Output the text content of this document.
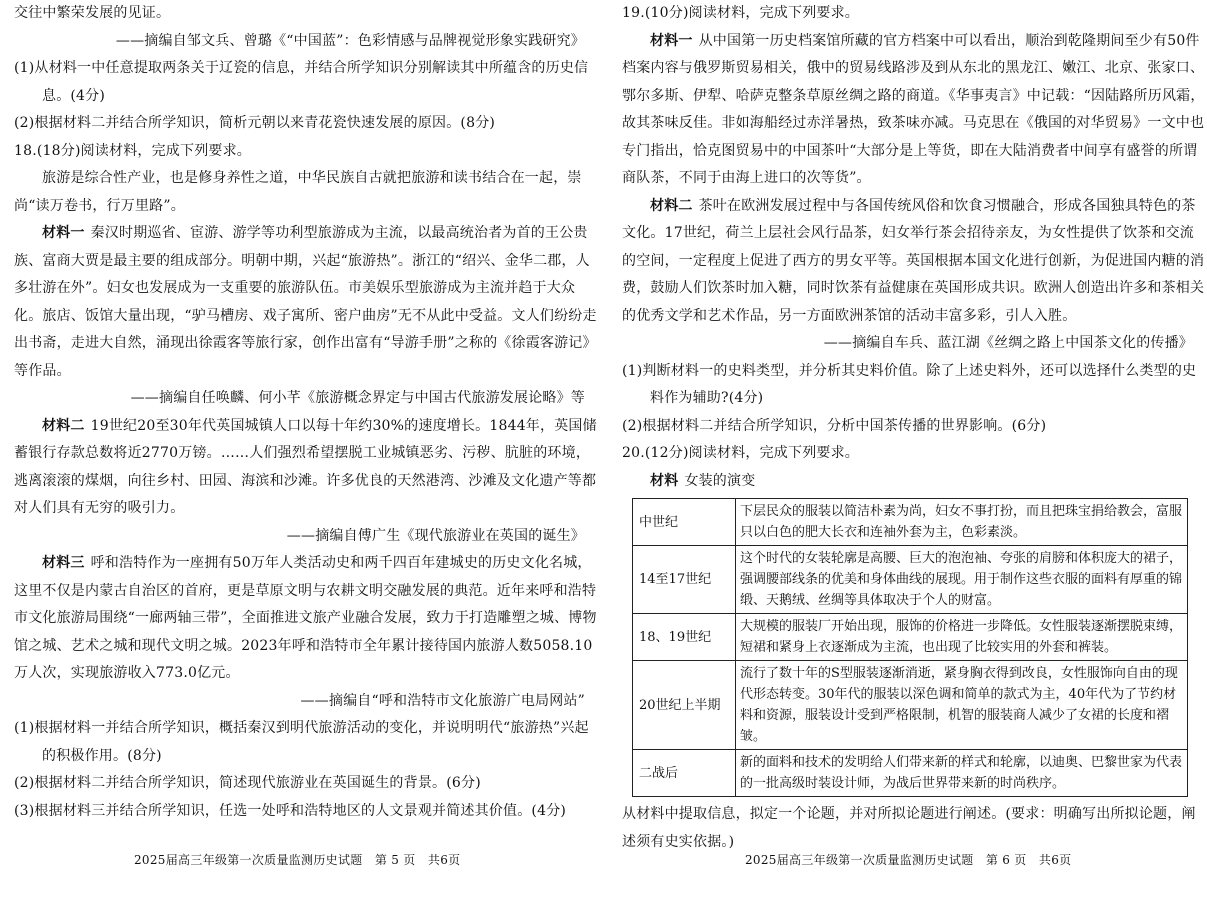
交往中繁荣发展的见证。

——摘编自邹文兵、曾璐《“中国蓝”：色彩情感与品牌视觉形象实践研究》

(1)从材料一中任意提取两条关于辽瓷的信息，并结合所学知识分别解读其中所蕴含的历史信息。(4分)

(2)根据材料二并结合所学知识，简析元朝以来青花瓷快速发展的原因。(8分)

18.(18分)阅读材料，完成下列要求。

旅游是综合性产业，也是修身养性之道，中华民族自古就把旅游和读书结合在一起，崇尚“读万卷书，行万里路”。

材料一 秦汉时期巡省、宦游、游学等功利型旅游成为主流，以最高统治者为首的王公贵族、富商大贾是最主要的组成部分。明朝中期，兴起“旅游热”。浙江的“绍兴、金华二郡，人多壮游在外”。妇女也发展成为一支重要的旅游队伍。市美娱乐型旅游成为主流并趋于大众化。旅店、饭馆大量出现，“驴马槽房、戏子寓所、密户曲房”无不从此中受益。文人们纷纷走出书斋，走进大自然，涌现出徐霞客等旅行家，创作出富有“导游手册”之称的《徐霞客游记》等作品。

——摘编自任唤麟、何小芊《旅游概念界定与中国古代旅游发展论略》等

材料二 19世纪20至30年代英国城镇人口以每十年约30%的速度增长。1844年，英国储蓄银行存款总数将近2770万镑。……人们强烈希望摆脱工业城镇恶劣、污秽、肮脏的环境，逃离滚滚的煤烟，向往乡村、田园、海滨和沙滩。许多优良的天然港湾、沙滩及文化遗产等都对人们具有无穷的吸引力。

——摘编自傅广生《现代旅游业在英国的诞生》

材料三 呼和浩特作为一座拥有50万年人类活动史和两千四百年建城史的历史文化名城，这里不仅是内蒙古自治区的首府，更是草原文明与农耕文明交融发展的典范。近年来呼和浩特市文化旅游局围绕“一廊两轴三带”，全面推进文旅产业融合发展，致力于打造雕塑之城、博物馆之城、艺术之城和现代文明之城。2023年呼和浩特市全年累计接待国内旅游人数5058.10万人次，实现旅游收入773.0亿元。

——摘编自“呼和浩特市文化旅游广电局网站”

(1)根据材料一并结合所学知识，概括秦汉到明代旅游活动的变化，并说明明代“旅游热”兴起的积极作用。(8分)

(2)根据材料二并结合所学知识，简述现代旅游业在英国诞生的背景。(6分)

(3)根据材料三并结合所学知识，任选一处呼和浩特地区的人文景观并简述其价值。(4分)

19.(10分)阅读材料，完成下列要求。

材料一 从中国第一历史档案馆所藏的官方档案中可以看出，顺治到乾隆期间至少有50件档案内容与俄罗斯贸易相关，俄中的贸易线路涉及到从东北的黑龙江、嫩江、北京、张家口、鄂尔多斯、伊犁、哈萨克整条草原丝绸之路的商道。《华事夷言》中记载：“因陆路所历风霜，故其茶味反佳。非如海船经过赤洋暑热，致茶味亦减。马克思在《俄国的对华贸易》一文中也专门指出，恰克图贸易中的中国茶叶“大部分是上等货，即在大陆消费者中间享有盛誉的所谓商队茶，不同于由海上进口的次等货”。

材料二 茶叶在欧洲发展过程中与各国传统风俗和饮食习惯融合，形成各国独具特色的茶文化。17世纪，荷兰上层社会风行品茶，妇女举行茶会招待亲友，为女性提供了饮茶和交流的空间，一定程度上促进了西方的男女平等。英国根据本国文化进行创新，为促进国内糖的消费，鼓励人们饮茶时加入糖，同时饮茶有益健康在英国形成共识。欧洲人创造出许多和茶相关的优秀文学和艺术作品，另一方面欧洲茶馆的活动丰富多彩，引人入胜。

——摘编自车兵、蓝江湖《丝绸之路上中国茶文化的传播》

(1)判断材料一的史料类型，并分析其史料价值。除了上述史料外，还可以选择什么类型的史料作为辅助?(4分)

(2)根据材料二并结合所学知识，分析中国茶传播的世界影响。(6分)

20.(12分)阅读材料，完成下列要求。

材料 女装的演变

中世纪	下层民众的服装以简洁朴素为尚，妇女不事打扮，而且把珠宝捐给教会，富服只以白色的肥大长衣和连袖外套为主，色彩素淡。
14至17世纪	这个时代的女装轮廓是高腰、巨大的泡泡袖、夸张的肩膀和体积庞大的裙子，强调腰部线条的优美和身体曲线的展现。用于制作这些衣服的面料有厚重的锦缎、天鹅绒、丝绸等具体取决于个人的财富。
18、19世纪	大规模的服装厂开始出现，服饰的价格进一步降低。女性服装逐渐摆脱束缚，短裙和紧身上衣逐渐成为主流，也出现了比较实用的外套和裤装。
20世纪上半期	流行了数十年的S型服装逐渐消逝，紧身胸衣得到改良，女性服饰向自由的现代形态转变。30年代的服装以深色调和简单的款式为主，40年代为了节约材料和资源，服装设计受到严格限制，机智的服装商人减少了女裙的长度和褶皱。
二战后	新的面料和技术的发明给人们带来新的样式和轮廓，以迪奥、巴黎世家为代表的一批高级时装设计师，为战后世界带来新的时尚秩序。

从材料中提取信息，拟定一个论题，并对所拟论题进行阐述。(要求：明确写出所拟论题，阐述须有史实依据。)

2025届高三年级第一次质量监测历史试题　第 5 页　共6页	2025届高三年级第一次质量监测历史试题　第 6 页　共6页
